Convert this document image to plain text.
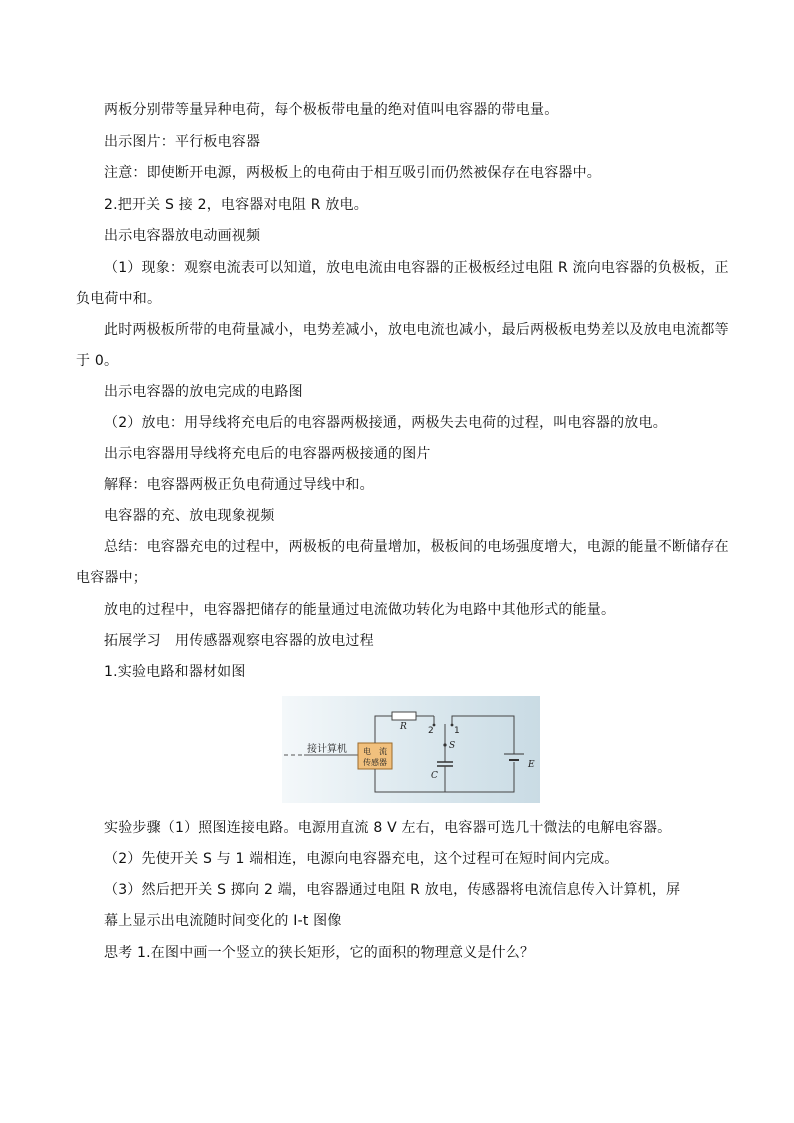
两板分别带等量异种电荷，每个极板带电量的绝对值叫电容器的带电量。
出示图片：平行板电容器
注意：即使断开电源，两极板上的电荷由于相互吸引而仍然被保存在电容器中。
2.把开关 S 接 2，电容器对电阻 R 放电。
出示电容器放电动画视频
（1）现象：观察电流表可以知道，放电电流由电容器的正极板经过电阻 R 流向电容器的负极板，正
负电荷中和。
此时两极板所带的电荷量减小，电势差减小，放电电流也减小，最后两极板电势差以及放电电流都等
于 0。
出示电容器的放电完成的电路图
（2）放电：用导线将充电后的电容器两极接通，两极失去电荷的过程，叫电容器的放电。
出示电容器用导线将充电后的电容器两极接通的图片
解释：电容器两极正负电荷通过导线中和。
电容器的充、放电现象视频
总结：电容器充电的过程中，两极板的电荷量增加，极板间的电场强度增大，电源的能量不断储存在
电容器中；
放电的过程中，电容器把储存的能量通过电流做功转化为电路中其他形式的能量。
拓展学习　用传感器观察电容器的放电过程
1.实验电路和器材如图
接计算机 电　流
传感器
R 2 1
S
C
E
实验步骤（1）照图连接电路。电源用直流 8 V 左右，电容器可选几十微法的电解电容器。
（2）先使开关 S 与 1 端相连，电源向电容器充电，这个过程可在短时间内完成。
（3）然后把开关 S 掷向 2 端，电容器通过电阻 R 放电，传感器将电流信息传入计算机，屏
幕上显示出电流随时间变化的 I-t 图像
思考 1.在图中画一个竖立的狭长矩形，它的面积的物理意义是什么？
